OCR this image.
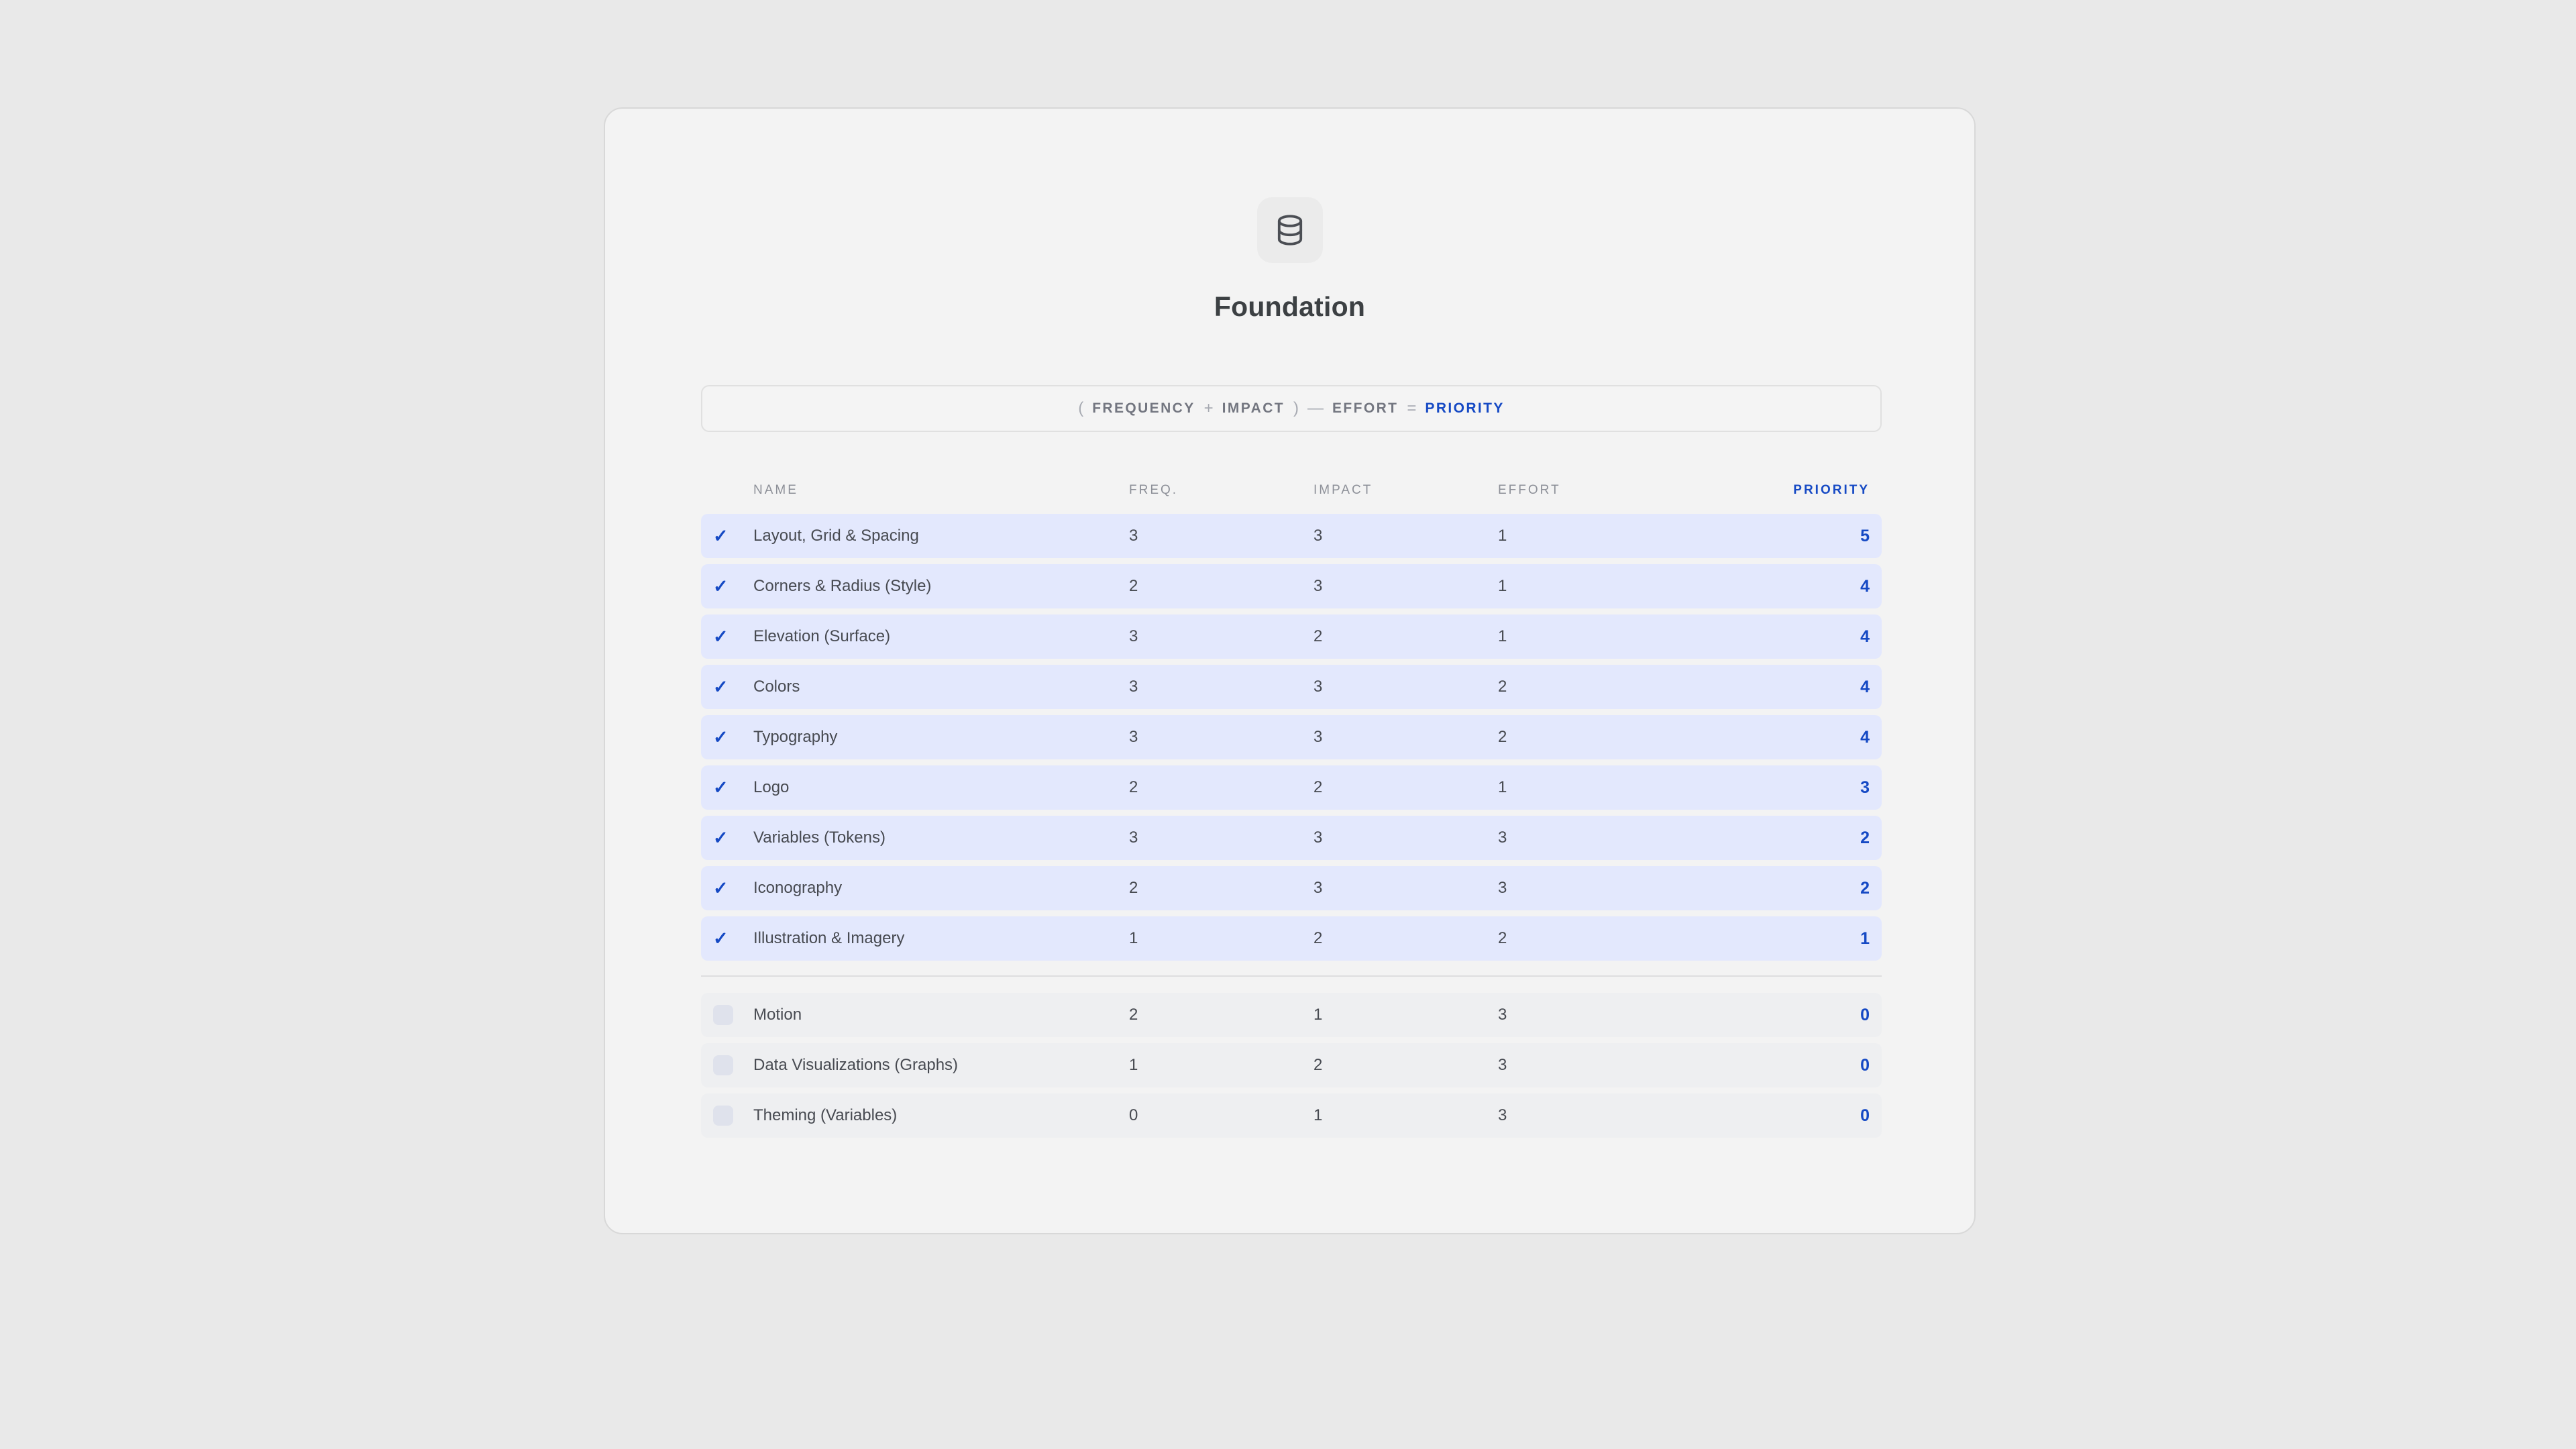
Foundation
( FREQUENCY + IMPACT ) — EFFORT = PRIORITY
NAME	FREQ.	IMPACT	EFFORT	PRIORITY
✓	Layout, Grid & Spacing	3	3	1	5
✓	Corners & Radius (Style)	2	3	1	4
✓	Elevation (Surface)	3	2	1	4
✓	Colors	3	3	2	4
✓	Typography	3	3	2	4
✓	Logo	2	2	1	3
✓	Variables (Tokens)	3	3	3	2
✓	Iconography	2	3	3	2
✓	Illustration & Imagery	1	2	2	1
Motion	2	1	3	0
Data Visualizations (Graphs)	1	2	3	0
Theming (Variables)	0	1	3	0
